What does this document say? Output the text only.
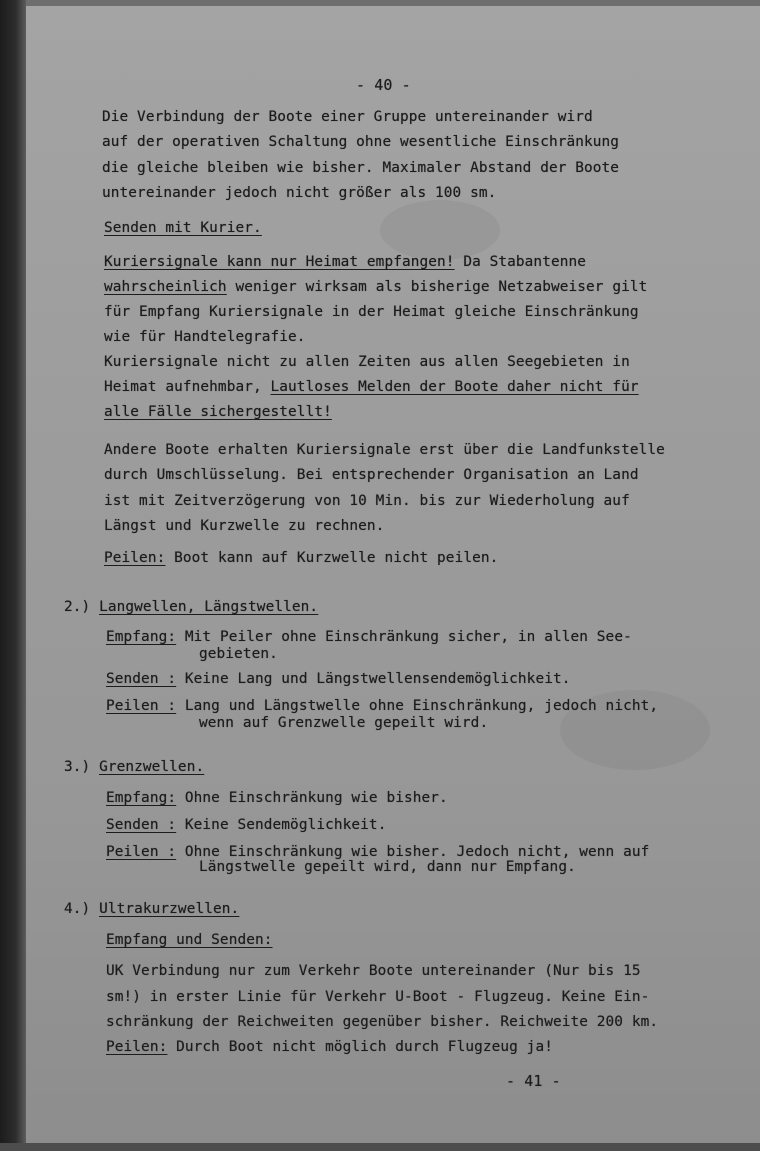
- 40 -

Die Verbindung der Boote einer Gruppe untereinander wird

auf der operativen Schaltung ohne wesentliche Einschränkung

die gleiche bleiben wie bisher. Maximaler Abstand der Boote

untereinander jedoch nicht größer als 100 sm.

Senden mit Kurier.

Kuriersignale kann nur Heimat empfangen! Da Stabantenne

wahrscheinlich weniger wirksam als bisherige Netzabweiser gilt

für Empfang Kuriersignale in der Heimat gleiche Einschränkung

wie für Handtelegrafie.

Kuriersignale nicht zu allen Zeiten aus allen Seegebieten in

Heimat aufnehmbar, Lautloses Melden der Boote daher nicht für

alle Fälle sichergestellt!

Andere Boote erhalten Kuriersignale erst über die Landfunkstelle

durch Umschlüsselung. Bei entsprechender Organisation an Land

ist mit Zeitverzögerung von 10 Min. bis zur Wiederholung auf

Längst und Kurzwelle zu rechnen.

Peilen: Boot kann auf Kurzwelle nicht peilen.

2.) Langwellen, Längstwellen.

Empfang: Mit Peiler ohne Einschränkung sicher, in allen See-

gebieten.

Senden : Keine Lang und Längstwellensendemöglichkeit.

Peilen : Lang und Längstwelle ohne Einschränkung, jedoch nicht,

wenn auf Grenzwelle gepeilt wird.

3.) Grenzwellen.

Empfang: Ohne Einschränkung wie bisher.

Senden : Keine Sendemöglichkeit.

Peilen : Ohne Einschränkung wie bisher. Jedoch nicht, wenn auf

Längstwelle gepeilt wird, dann nur Empfang.

4.) Ultrakurzwellen.

Empfang und Senden:

UK Verbindung nur zum Verkehr Boote untereinander (Nur bis 15

sm!) in erster Linie für Verkehr U-Boot - Flugzeug. Keine Ein-

schränkung der Reichweiten gegenüber bisher. Reichweite 200 km.

Peilen: Durch Boot nicht möglich durch Flugzeug ja!

- 41 -
